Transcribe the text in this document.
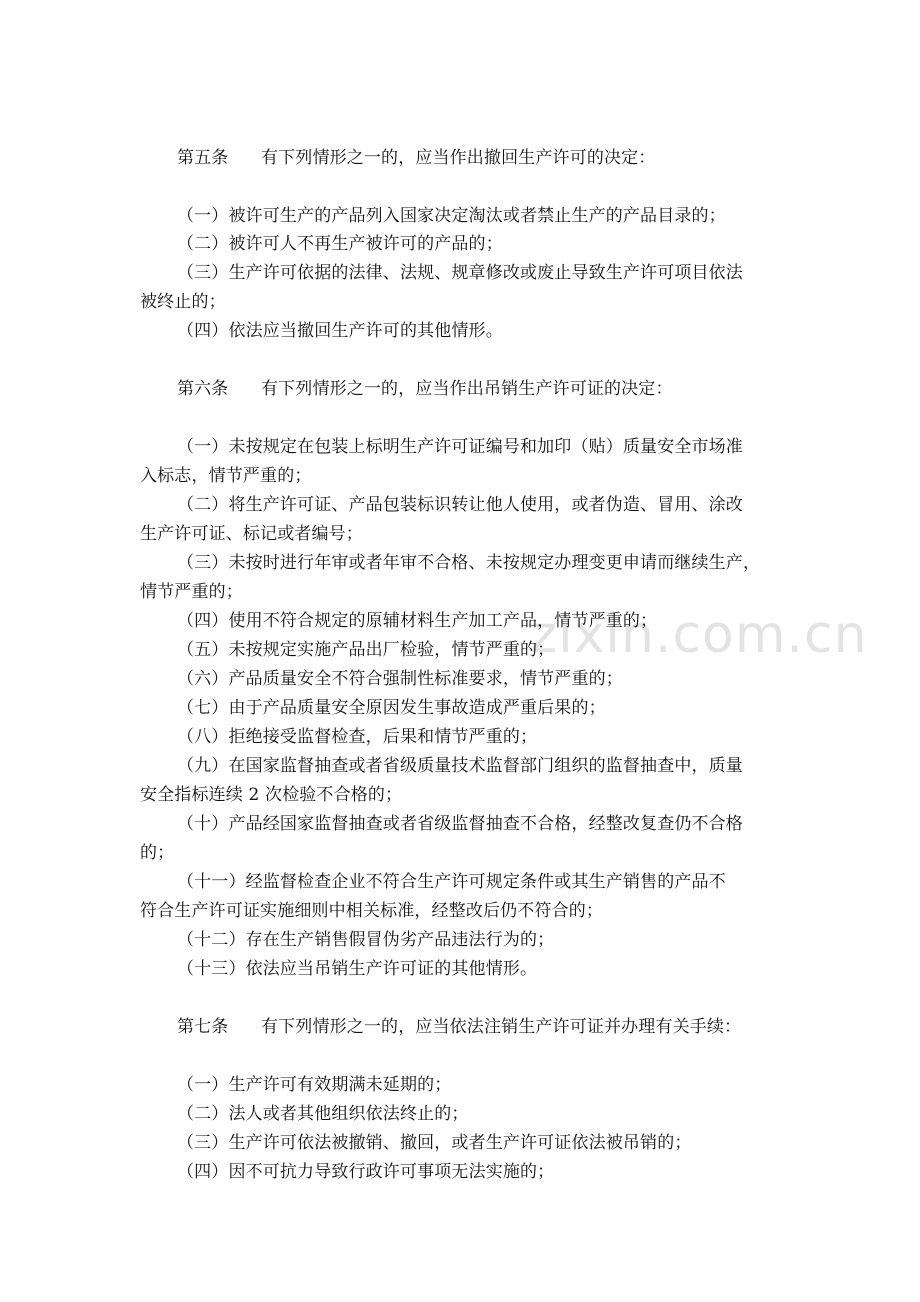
zixin.com.cn
第五条 有下列情形之一的，应当作出撤回生产许可的决定：
（一）被许可生产的产品列入国家决定淘汰或者禁止生产的产品目录的；
（二）被许可人不再生产被许可的产品的；
（三）生产许可依据的法律、法规、规章修改或废止导致生产许可项目依法
被终止的；
（四）依法应当撤回生产许可的其他情形。
第六条 有下列情形之一的，应当作出吊销生产许可证的决定：
（一）未按规定在包装上标明生产许可证编号和加印（贴）质量安全市场准
入标志，情节严重的；
（二）将生产许可证、产品包装标识转让他人使用，或者伪造、冒用、涂改
生产许可证、标记或者编号；
（三）未按时进行年审或者年审不合格、未按规定办理变更申请而继续生产，
情节严重的；
（四）使用不符合规定的原辅材料生产加工产品，情节严重的；
（五）未按规定实施产品出厂检验，情节严重的；
（六）产品质量安全不符合强制性标准要求，情节严重的；
（七）由于产品质量安全原因发生事故造成严重后果的；
（八）拒绝接受监督检查，后果和情节严重的；
（九）在国家监督抽查或者省级质量技术监督部门组织的监督抽查中，质量
安全指标连续 2 次检验不合格的；
（十）产品经国家监督抽查或者省级监督抽查不合格，经整改复查仍不合格
的；
（十一）经监督检查企业不符合生产许可规定条件或其生产销售的产品不
符合生产许可证实施细则中相关标准，经整改后仍不符合的；
（十二）存在生产销售假冒伪劣产品违法行为的；
（十三）依法应当吊销生产许可证的其他情形。
第七条 有下列情形之一的，应当依法注销生产许可证并办理有关手续：
（一）生产许可有效期满未延期的；
（二）法人或者其他组织依法终止的；
（三）生产许可依法被撤销、撤回，或者生产许可证依法被吊销的；
（四）因不可抗力导致行政许可事项无法实施的；
